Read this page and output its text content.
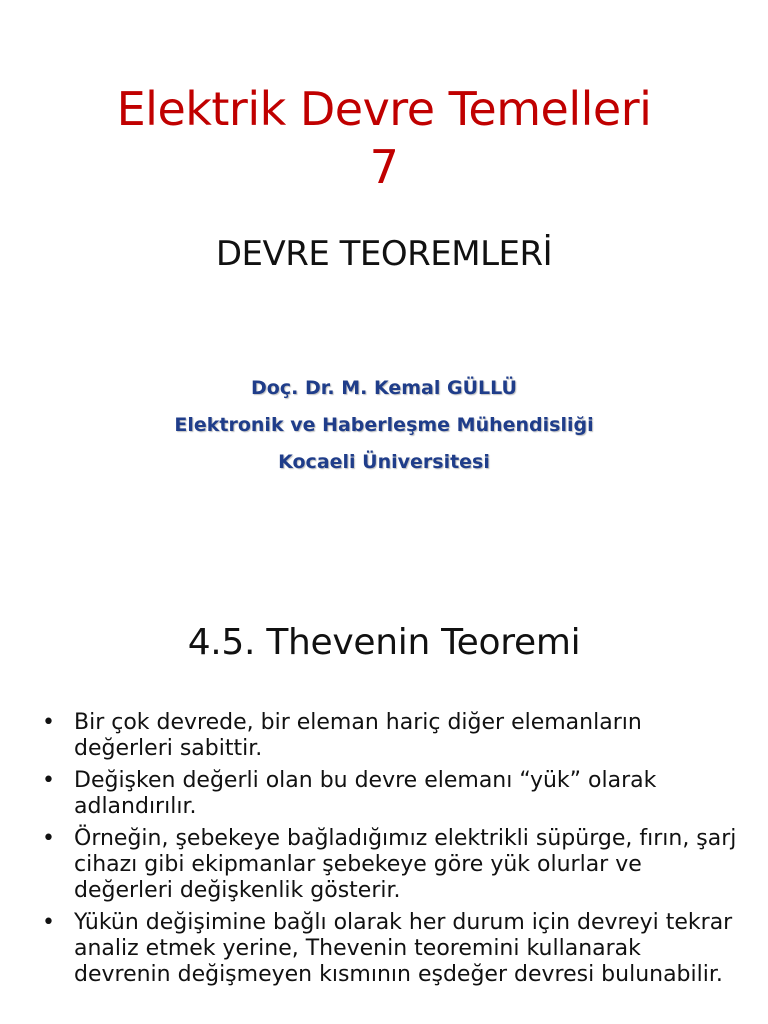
Elektrik Devre Temelleri
7
DEVRE TEOREMLERİ
Doç. Dr. M. Kemal GÜLLÜ
Elektronik ve Haberleşme Mühendisliği
Kocaeli Üniversitesi
4.5. Thevenin Teoremi
• Bir çok devrede, bir eleman hariç diğer elemanların değerleri sabittir.
• Değişken değerli olan bu devre elemanı “yük” olarak adlandırılır.
• Örneğin, şebekeye bağladığımız elektrikli süpürge, fırın, şarj cihazı gibi ekipmanlar şebekeye göre yük olurlar ve değerleri değişkenlik gösterir.
• Yükün değişimine bağlı olarak her durum için devreyi tekrar analiz etmek yerine, Thevenin teoremini kullanarak devrenin değişmeyen kısmının eşdeğer devresi bulunabilir.
